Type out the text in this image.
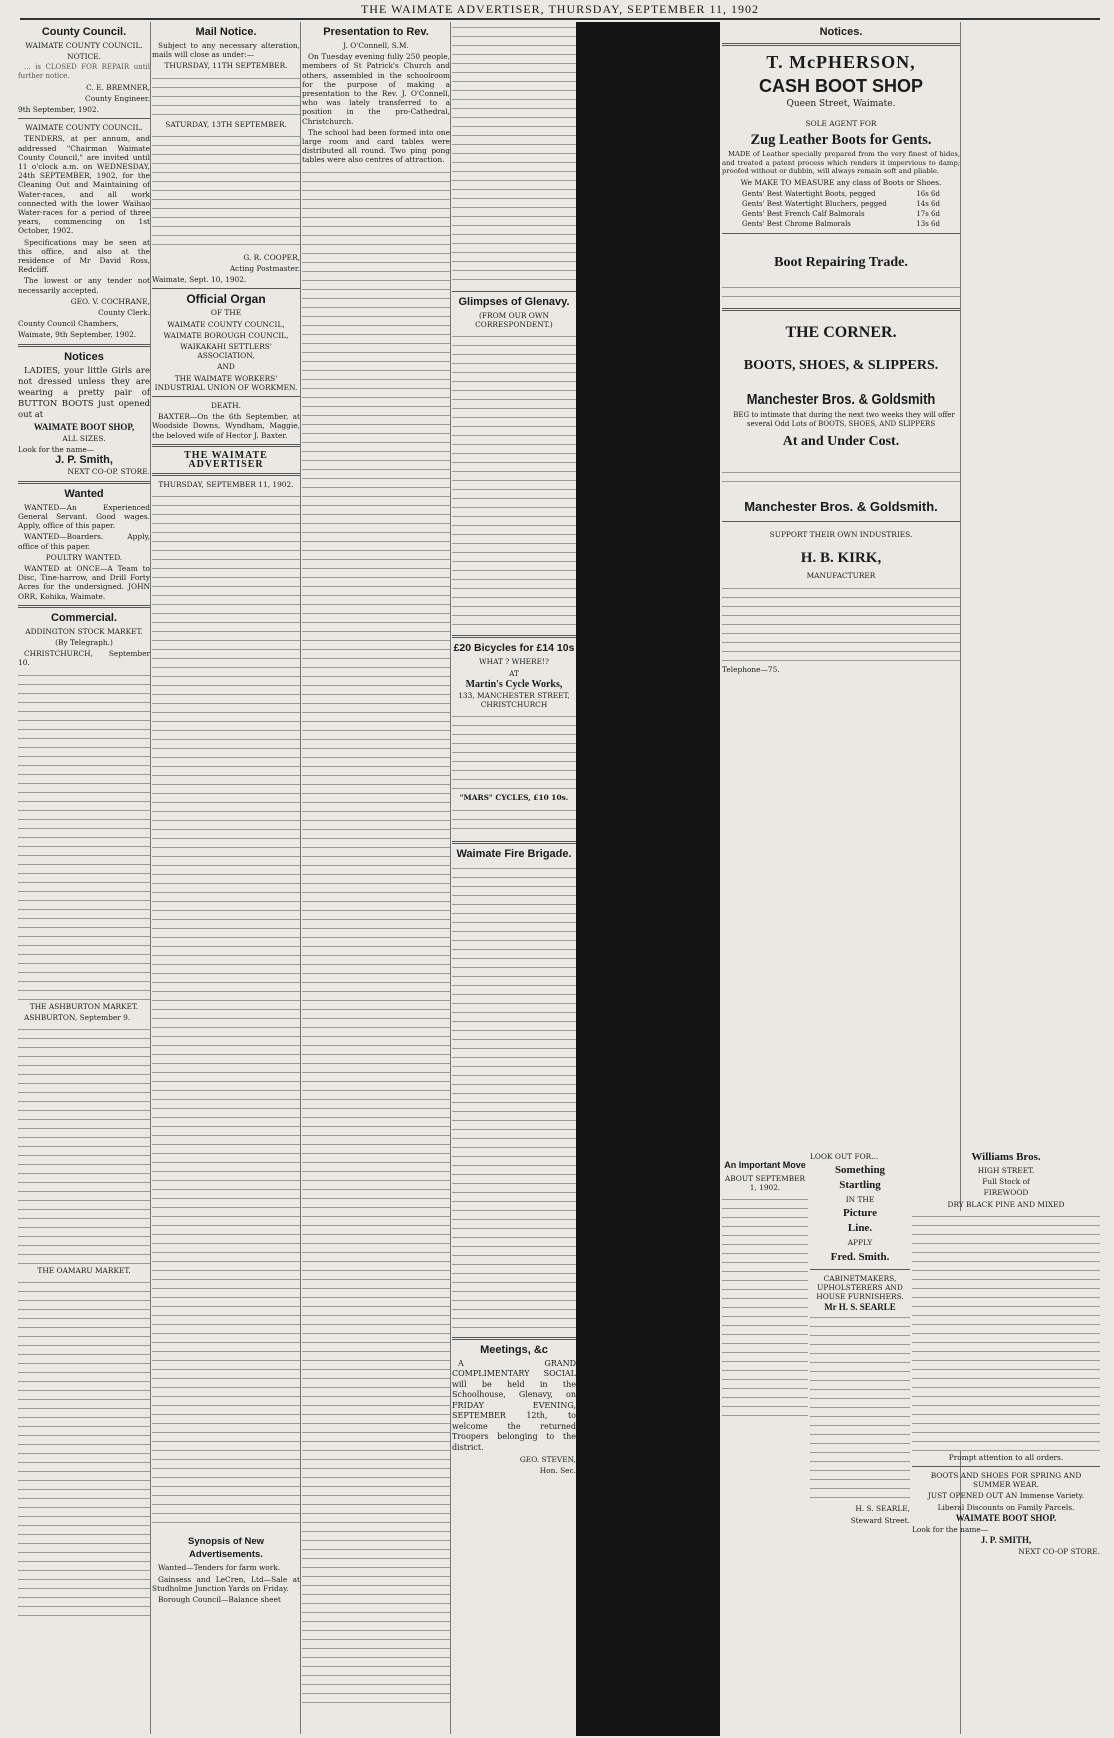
THE WAIMATE ADVERTISER, THURSDAY, SEPTEMBER 11, 1902
County Council.
WAIMATE COUNTY COUNCIL.
NOTICE.

... is CLOSED FOR REPAIR until further notice.

C. E. BREMNER,
County Engineer.
9th September, 1902.
WAIMATE COUNTY COUNCIL.

TENDERS, at per annum, and addressed "Chairman Waimate County Council," are invited until 11 o'clock a.m. on WEDNESDAY, 24th SEPTEMBER, 1902, for the Cleaning Out and Maintaining of Water-races, and all work connected with the lower Waihao Water-races for a period of three years, commencing on 1st October, 1902.

Specifications may be seen at this office, and also at the residence of Mr David Ross, Redcliff.

The lowest or any tender not necessarily accepted.

GEO. V. COCHRANE,
County Clerk.
County Council Chambers,
Waimate, 9th September, 1902.
Notices

LADIES, your little Girls are not dressed unless they are wearing a pretty pair of BUTTON BOOTS just opened out at

WAIMATE BOOT SHOP,
ALL SIZES.
Look for the name—
J. P. Smith,
NEXT CO-OP. STORE.
Wanted

WANTED—An Experienced General Servant. Good wages. Apply, office of this paper.

WANTED—Boarders. Apply, office of this paper.

POULTRY WANTED.

WANTED at ONCE—A Team to Disc, Tine-harrow, and Drill Forty Acres for the undersigned. JOHN ORR, Kohika, Waimate.

Commercial.
ADDINGTON STOCK MARKET.
(By Telegraph.)

CHRISTCHURCH, September 10.

THE ASHBURTON MARKET.

ASHBURTON, September 9.

THE OAMARU MARKET.
Mail Notice.

Subject to any necessary alteration, mails will close as under:—

THURSDAY, 11TH SEPTEMBER.
SATURDAY, 13TH SEPTEMBER.
G. R. COOPER,
Acting Postmaster.
Waimate, Sept. 10, 1902.
Official Organ
OF THE
WAIMATE COUNTY COUNCIL,
WAIMATE BOROUGH COUNCIL,
WAIKAKAHI SETTLERS' ASSOCIATION,
AND
THE WAIMATE WORKERS' INDUSTRIAL UNION OF WORKMEN.
DEATH.

BAXTER—On the 6th September, at Woodside Downs, Wyndham, Maggie, the beloved wife of Hector J. Baxter.

THE WAIMATE ADVERTISER
THURSDAY, SEPTEMBER 11, 1902.
Synopsis of New Advertisements.

Wanted—Tenders for farm work.

Gainsess and LeCren, Ltd—Sale at Studholme Junction Yards on Friday.

Borough Council—Balance sheet

Presentation to Rev.
J. O'Connell, S.M.

On Tuesday evening fully 250 people, members of St Patrick's Church and others, assembled in the schoolroom for the purpose of making a presentation to the Rev. J. O'Connell, who was lately transferred to a position in the pro-Cathedral, Christchurch.

The school had been formed into one large room and card tables were distributed all round. Two ping pong tables were also centres of attraction.

Glimpses of Glenavy.
(FROM OUR OWN CORRESPONDENT.)
£20 Bicycles for £14 10s
WHAT ? WHERE!?
AT
Martin's Cycle Works,
133, MANCHESTER STREET, CHRISTCHURCH
"MARS" CYCLES, £10 10s.
Waimate Fire Brigade.
Meetings, &c

A GRAND COMPLIMENTARY SOCIAL will be held in the Schoolhouse, Glenavy, on FRIDAY EVENING, SEPTEMBER 12th, to welcome the returned Troopers belonging to the district.

GEO. STEVEN,
Hon. Sec.
Notices.
T. McPHERSON,
CASH BOOT SHOP
Queen Street, Waimate.
SOLE AGENT FOR
Zug Leather Boots for Gents.

MADE of Leather specially prepared from the very finest of hides, and treated a patent process which renders it impervious to damp; proofed without or dubbin, will always remain soft and pliable.

We MAKE TO MEASURE any class of Boots or Shoes.
Gents' Best Watertight Boots, pegged	16s 6d
Gents' Best Watertight Bluchers, pegged	14s 6d
Gents' Best French Calf Balmorals	17s 6d
Gents' Best Chrome Balmorals	13s 6d
Boot Repairing Trade.
THE CORNER.
BOOTS, SHOES, & SLIPPERS.
Manchester Bros. & Goldsmith

BEG to intimate that during the next two weeks they will offer several Odd Lots of BOOTS, SHOES, AND SLIPPERS

At and Under Cost.
Manchester Bros. & Goldsmith.
SUPPORT THEIR OWN INDUSTRIES.
H. B. KIRK,
MANUFACTURER
Telephone—75.
An Important Move
ABOUT SEPTEMBER 1, 1902.
LOOK OUT FOR...
Something
Startling
IN THE
Picture
Line.
APPLY
Fred. Smith.
CABINETMAKERS, UPHOLSTERERS AND HOUSE FURNISHERS.
Mr H. S. SEARLE
H. S. SEARLE,
Steward Street.
Williams Bros.
HIGH STREET.
Full Stock of
FIREWOOD
DRY BLACK PINE AND MIXED
Prompt attention to all orders.
BOOTS AND SHOES FOR SPRING AND SUMMER WEAR.
JUST OPENED OUT AN Immense Variety.
Liberal Discounts on Family Parcels.
WAIMATE BOOT SHOP.
Look for the name—
J. P. SMITH,
NEXT CO-OP STORE.
